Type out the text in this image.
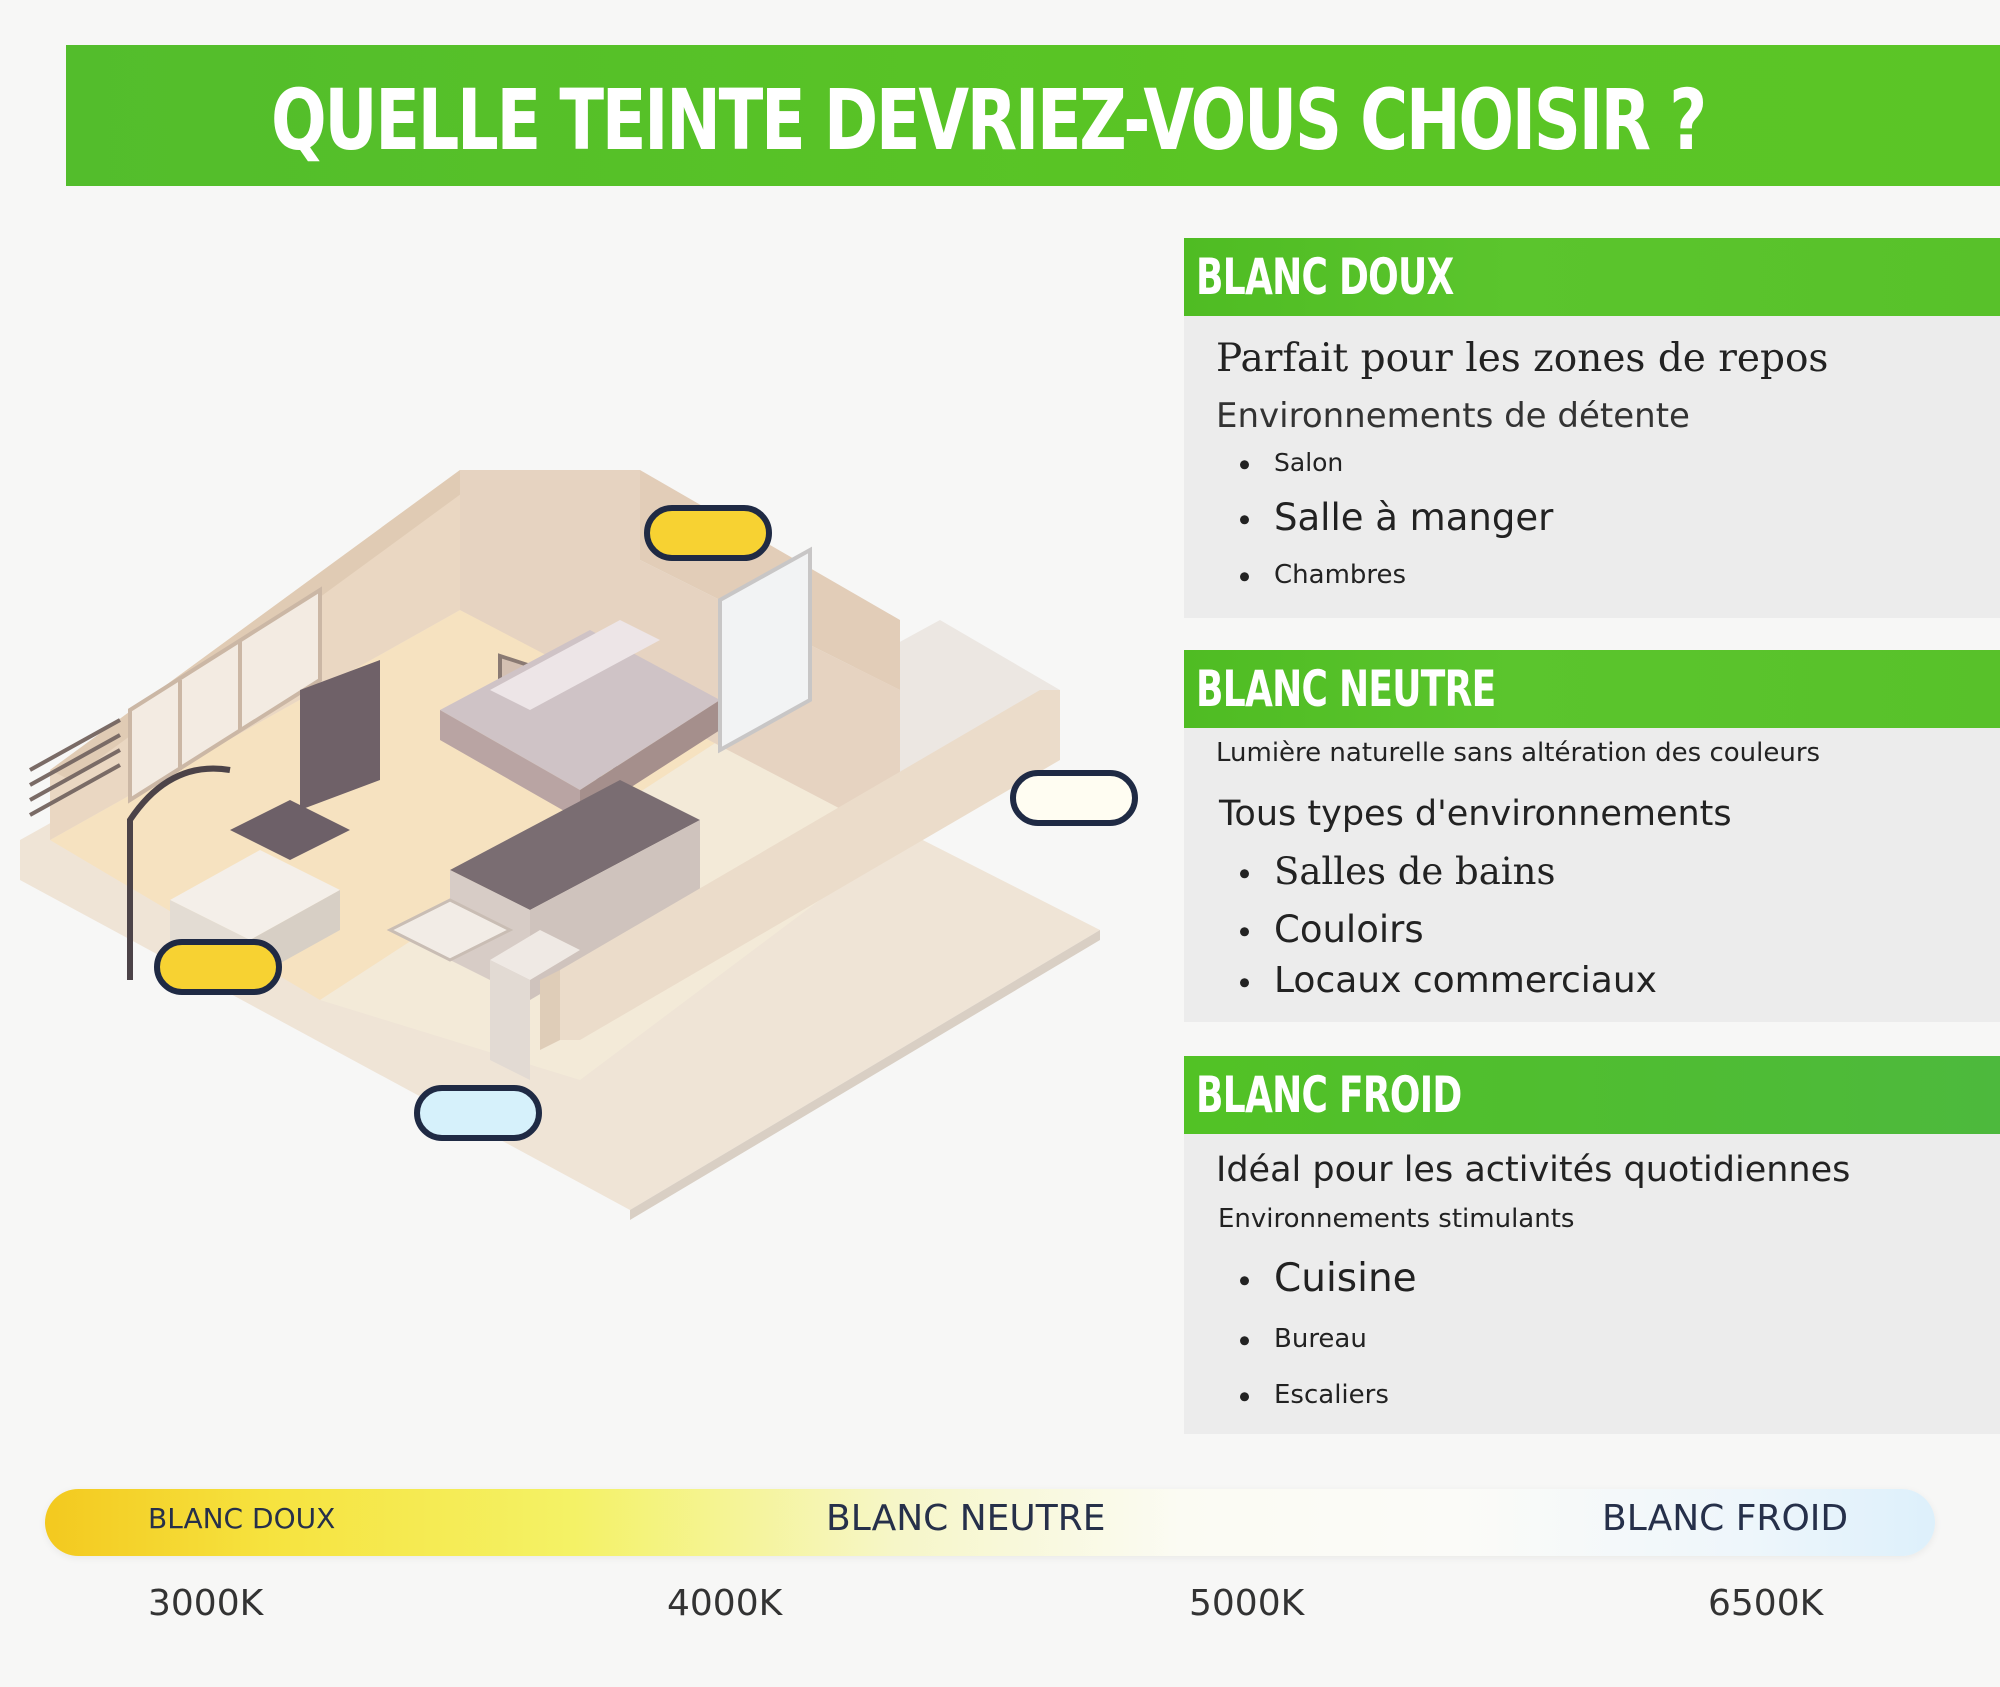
QUELLE TEINTE DEVRIEZ-VOUS CHOISIR ?
BLANC DOUX
Parfait pour les zones de repos
Environnements de détente
Salon
Salle à manger
Chambres
BLANC NEUTRE
Lumière naturelle sans altération des couleurs
Tous types d'environnements
Salles de bains
Couloirs
Locaux commerciaux
BLANC FROID
Idéal pour les activités quotidiennes
Environnements stimulants
Cuisine
Bureau
Escaliers
BLANC DOUX	BLANC NEUTRE	BLANC FROID
3000K	4000K	5000K	6500K
